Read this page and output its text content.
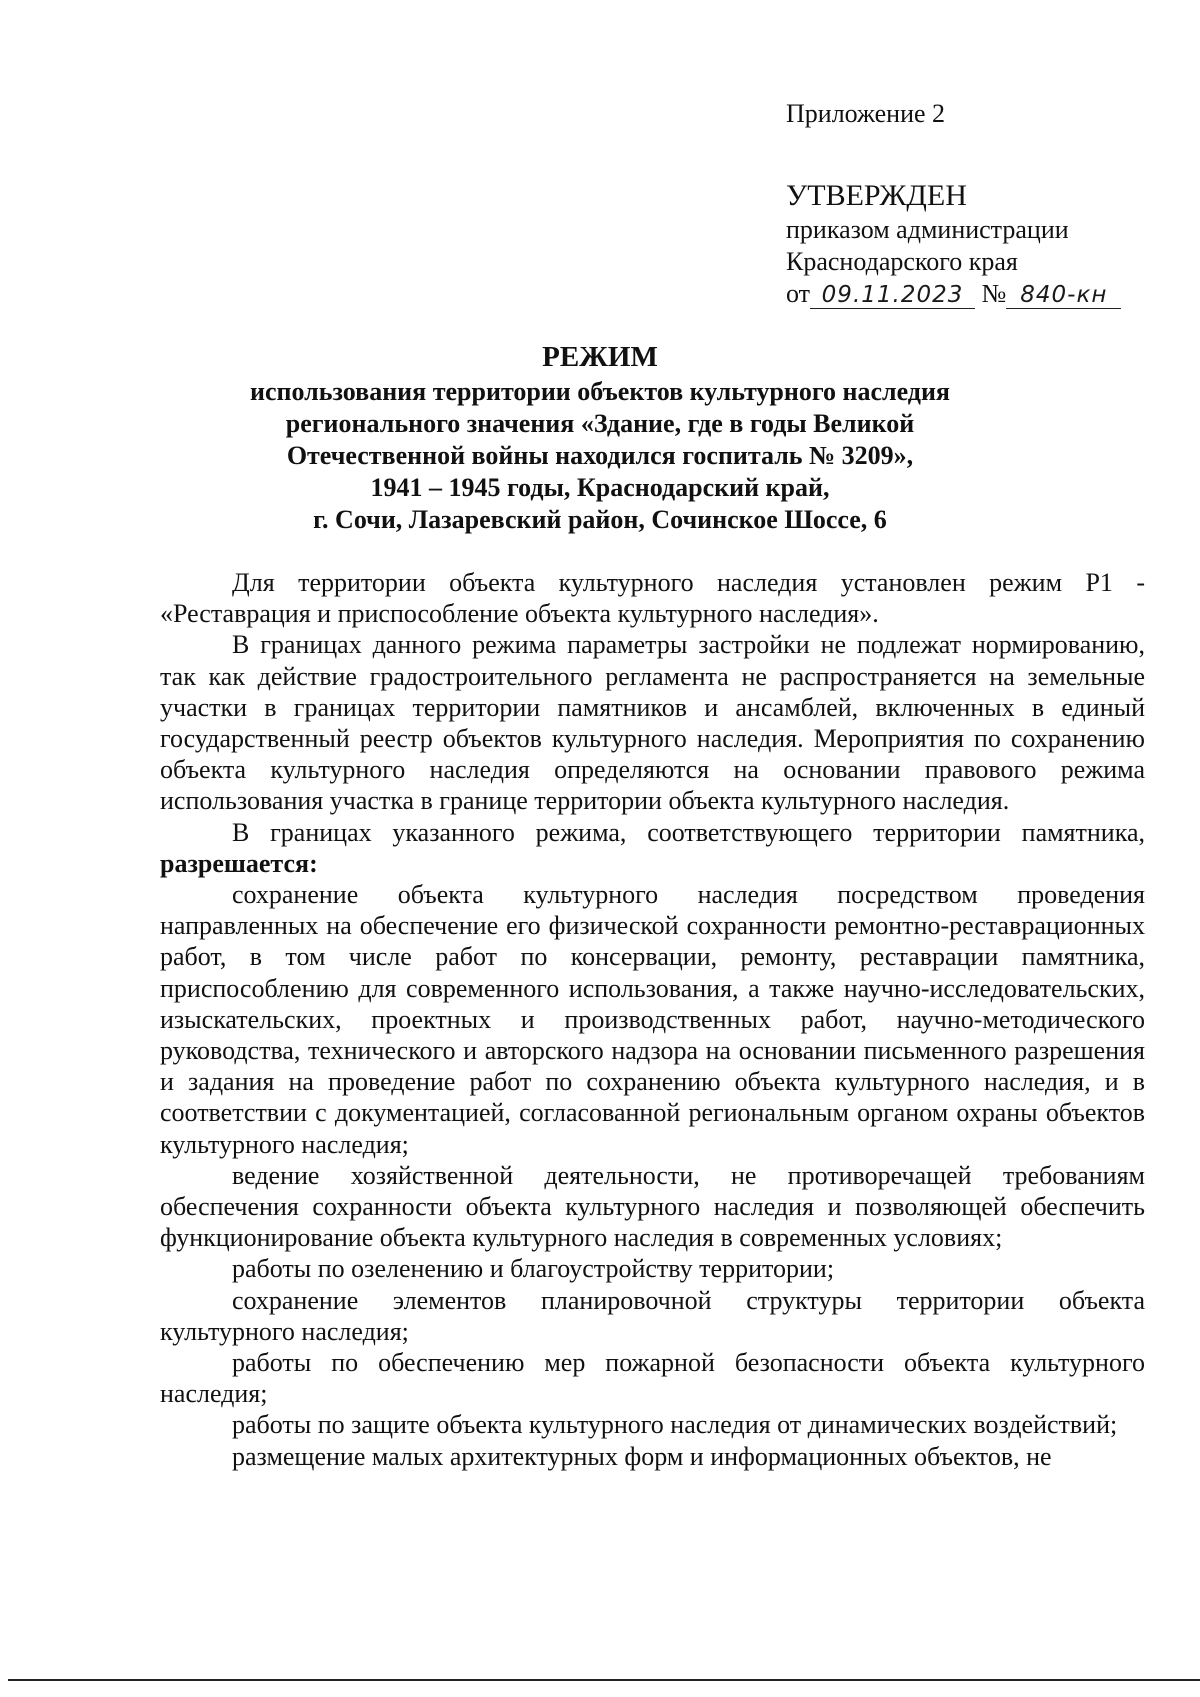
Приложение 2
УТВЕРЖДЕН
приказом администрации
Краснодарского края
от 09.11.2023 № 840-кн
РЕЖИМ
использования территории объектов культурного наследия
регионального значения «Здание, где в годы Великой
Отечественной войны находился госпиталь № 3209»,
1941 – 1945 годы, Краснодарский край,
г. Сочи, Лазаревский район, Сочинское Шоссе, 6

Для территории объекта культурного наследия установлен режим Р1 - «Реставрация и приспособление объекта культурного наследия».

В границах данного режима параметры застройки не подлежат нормированию, так как действие градостроительного регламента не распространяется на земельные участки в границах территории памятников и ансамблей, включенных в единый государственный реестр объектов культурного наследия. Мероприятия по сохранению объекта культурного наследия определяются на основании правового режима использования участка в границе территории объекта культурного наследия.

В границах указанного режима, соответствующего территории памятника, разрешается:

сохранение объекта культурного наследия посредством проведения направленных на обеспечение его физической сохранности ремонтно-реставрационных работ, в том числе работ по консервации, ремонту, реставрации памятника, приспособлению для современного использования, а также научно-исследовательских, изыскательских, проектных и производственных работ, научно-методического руководства, технического и авторского надзора на основании письменного разрешения и задания на проведение работ по сохранению объекта культурного наследия, и в соответствии с документацией, согласованной региональным органом охраны объектов культурного наследия;

ведение хозяйственной деятельности, не противоречащей требованиям обеспечения сохранности объекта культурного наследия и позволяющей обеспечить функционирование объекта культурного наследия в современных условиях;

работы по озеленению и благоустройству территории;

сохранение элементов планировочной структуры территории объекта культурного наследия;

работы по обеспечению мер пожарной безопасности объекта культурного наследия;

работы по защите объекта культурного наследия от динамических воздействий;

размещение малых архитектурных форм и информационных объектов, не
